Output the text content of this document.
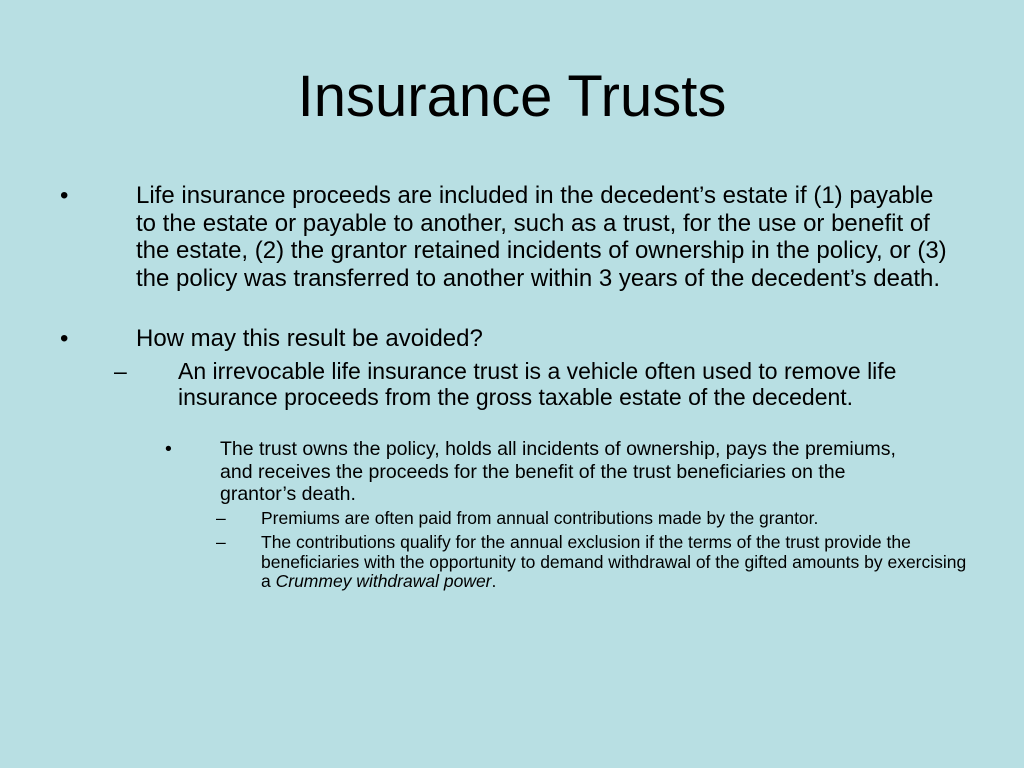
Insurance Trusts
•	Life insurance proceeds are included in the decedent’s estate if (1) payable to the estate or payable to another, such as a trust, for the use or benefit of the estate, (2) the grantor retained incidents of ownership in the policy, or (3) the policy was transferred to another within 3 years of the decedent’s death.
•	How may this result be avoided?
– An irrevocable life insurance trust is a vehicle often used to remove life insurance proceeds from the gross taxable estate of the decedent.
• The trust owns the policy, holds all incidents of ownership, pays the premiums, and receives the proceeds for the benefit of the trust beneficiaries on the grantor’s death.
– Premiums are often paid from annual contributions made by the grantor.
– The contributions qualify for the annual exclusion if the terms of the trust provide the beneficiaries with the opportunity to demand withdrawal of the gifted amounts by exercising a Crummey withdrawal power.
